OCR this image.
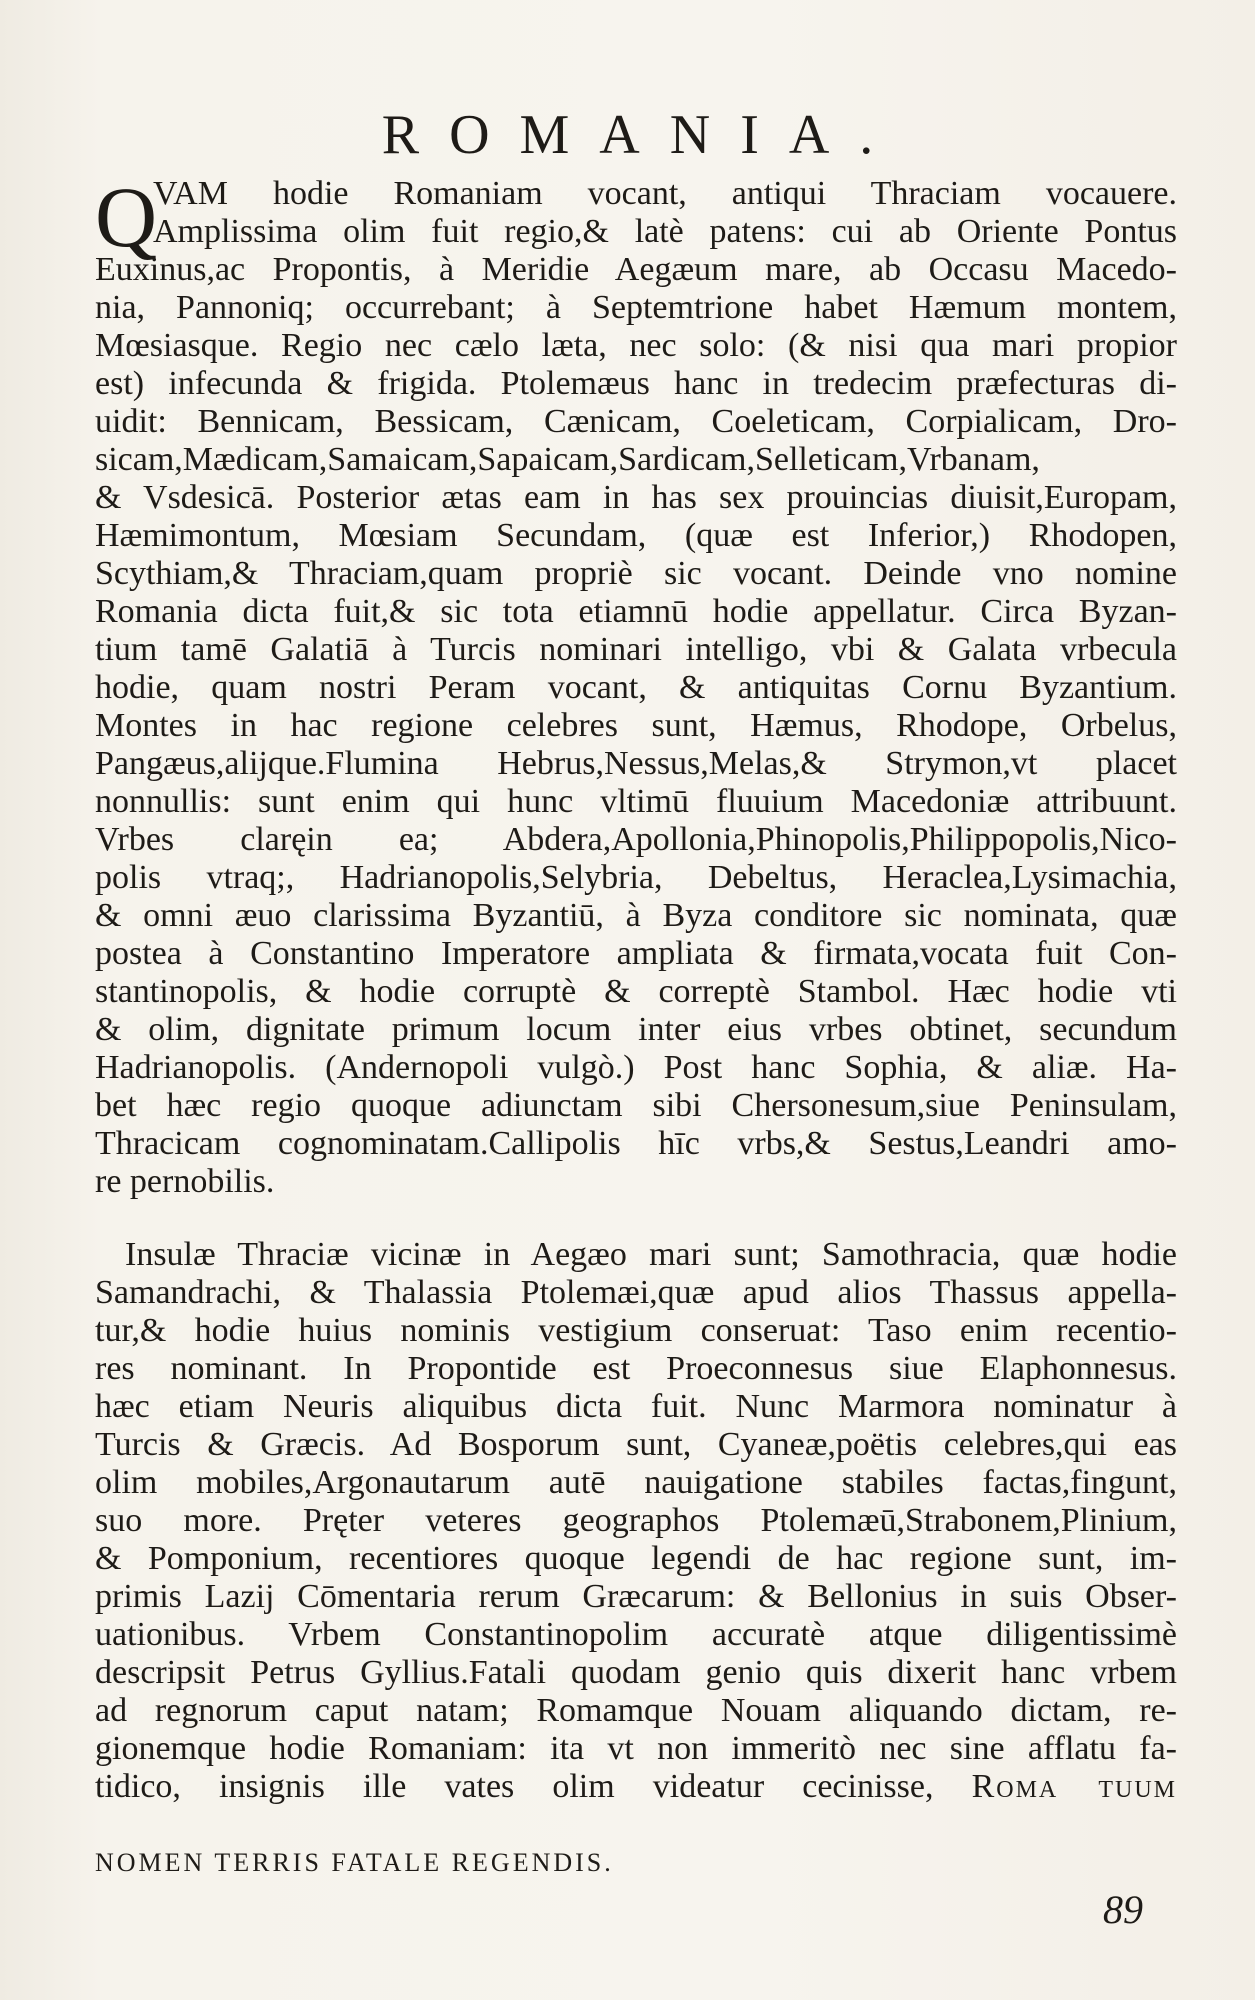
ROMANIA.
Q
VAM hodie Romaniam vocant, antiqui Thraciam vocauere.
Amplissima olim fuit regio,& latè patens: cui ab Oriente Pontus
Euxinus,ac Propontis, à Meridie Aegæum mare, ab Occasu Macedo-
nia, Pannoniq; occurrebant; à Septemtrione habet Hæmum montem,
Mœsiasque. Regio nec cælo læta, nec solo: (& nisi qua mari propior
est) infecunda & frigida. Ptolemæus hanc in tredecim præfecturas di-
uidit: Bennicam, Bessicam, Cænicam, Coeleticam, Corpialicam, Dro-
sicam,Mædicam,Samaicam,Sapaicam,Sardicam,Selleticam,Vrbanam,
& Vsdesicā. Posterior ætas eam in has sex prouincias diuisit,Europam,
Hæmimontum, Mœsiam Secundam, (quæ est Inferior,) Rhodopen,
Scythiam,& Thraciam,quam propriè sic vocant. Deinde vno nomine
Romania dicta fuit,& sic tota etiamnū hodie appellatur. Circa Byzan-
tium tamē Galatiā à Turcis nominari intelligo, vbi & Galata vrbecula
hodie, quam nostri Peram vocant, & antiquitas Cornu Byzantium.
Montes in hac regione celebres sunt, Hæmus, Rhodope, Orbelus,
Pangæus,alijque.Flumina Hebrus,Nessus,Melas,& Strymon,vt placet
nonnullis: sunt enim qui hunc vltimū fluuium Macedoniæ attribuunt.
Vrbes claręin ea; Abdera,Apollonia,Phinopolis,Philippopolis,Nico-
polis vtraq;, Hadrianopolis,Selybria, Debeltus, Heraclea,Lysimachia,
& omni æuo clarissima Byzantiū, à Byza conditore sic nominata, quæ
postea à Constantino Imperatore ampliata & firmata,vocata fuit Con-
stantinopolis, & hodie corruptè & correptè Stambol. Hæc hodie vti
& olim, dignitate primum locum inter eius vrbes obtinet, secundum
Hadrianopolis. (Andernopoli vulgò.) Post hanc Sophia, & aliæ. Ha-
bet hæc regio quoque adiunctam sibi Chersonesum,siue Peninsulam,
Thracicam cognominatam.Callipolis hīc vrbs,& Sestus,Leandri amo-
re pernobilis.
Insulæ Thraciæ vicinæ in Aegæo mari sunt; Samothracia, quæ hodie
Samandrachi, & Thalassia Ptolemæi,quæ apud alios Thassus appella-
tur,& hodie huius nominis vestigium conseruat: Taso enim recentio-
res nominant. In Propontide est Proeconnesus siue Elaphonnesus.
hæc etiam Neuris aliquibus dicta fuit. Nunc Marmora nominatur à
Turcis & Græcis. Ad Bosporum sunt, Cyaneæ,poëtis celebres,qui eas
olim mobiles,Argonautarum autē nauigatione stabiles factas,fingunt,
suo more. Pręter veteres geographos Ptolemæū,Strabonem,Plinium,
& Pomponium, recentiores quoque legendi de hac regione sunt, im-
primis Lazij Cōmentaria rerum Græcarum: & Bellonius in suis Obser-
uationibus. Vrbem Constantinopolim accuratè atque diligentissimè
descripsit Petrus Gyllius.Fatali quodam genio quis dixerit hanc vrbem
ad regnorum caput natam; Romamque Nouam aliquando dictam, re-
gionemque hodie Romaniam: ita vt non immeritò nec sine afflatu fa-
tidico, insignis ille vates olim videatur cecinisse, Roma tuum
NOMEN TERRIS FATALE REGENDIS.
89
